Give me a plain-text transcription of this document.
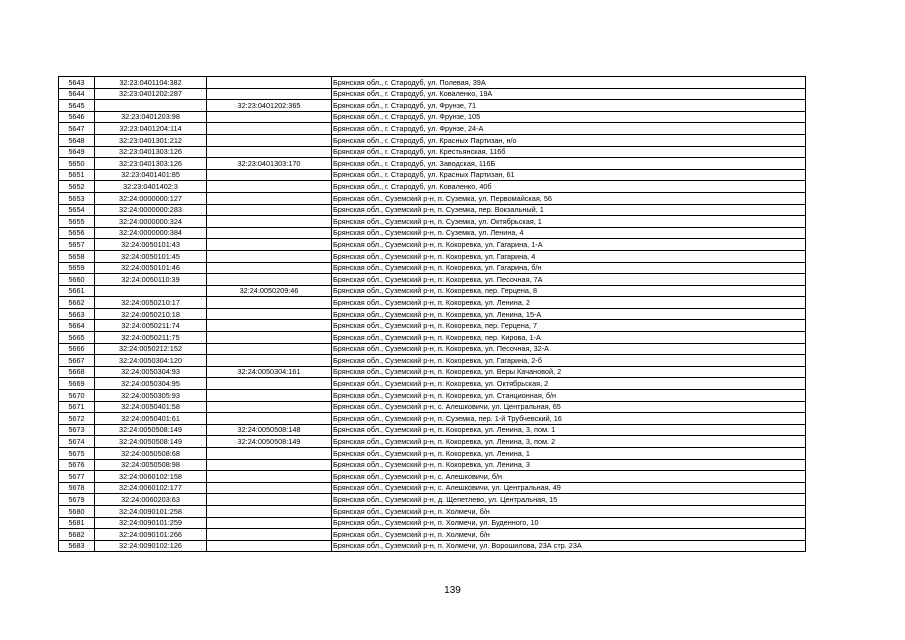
5643	32:23:0401104:382		Брянская обл., г. Стародуб, ул. Полевая, 39А
5644	32:23:0401202:287		Брянская обл., г. Стародуб, ул. Коваленко, 19А
5645		32:23:0401202:365	Брянская обл., г. Стародуб, ул. Фрунзе, 71
5646	32:23:0401203:98		Брянская обл., г. Стародуб, ул. Фрунзе, 105
5647	32:23:0401204:114		Брянская обл., г. Стародуб, ул. Фрунзе, 24-А
5648	32:23:0401301:212		Брянская обл., г. Стародуб, ул. Красных Партизан, н/о
5649	32:23:0401303:126		Брянская обл., г. Стародуб, ул. Крестьянская, 116б
5650	32:23:0401303:126	32:23:0401303:170	Брянская обл., г. Стародуб, ул. Заводская, 116Б
5651	32:23:0401401:85		Брянская обл., г. Стародуб, ул. Красных Партизан, 61
5652	32:23:0401402:3		Брянская обл., г. Стародуб, ул. Коваленко, 40б
5653	32:24:0000000:127		Брянская обл., Суземский р-н, п. Суземка, ул. Первомайская, 56
5654	32:24:0000000:283		Брянская обл., Суземский р-н, п. Суземка, пер. Вокзальный, 1
5655	32:24:0000000:324		Брянская обл., Суземский р-н, п. Суземка, ул. Октябрьская, 1
5656	32:24:0000000:384		Брянская обл., Суземский р-н, п. Суземка, ул. Ленина, 4
5657	32:24:0050101:43		Брянская обл., Суземский р-н, п. Кокоревка, ул. Гагарина, 1-А
5658	32:24:0050101:45		Брянская обл., Суземский р-н, п. Кокоревка, ул. Гагарина, 4
5659	32:24:0050101:46		Брянская обл., Суземский р-н, п. Кокоревка, ул. Гагарина, б/н
5660	32:24:0050110:39		Брянская обл., Суземский р-н, п. Кокоревка, ул. Песочная, 7А
5661		32:24:0050209:46	Брянская обл., Суземский р-н, п. Кокоревка, пер. Герцена, 8
5662	32:24:0050210:17		Брянская обл., Суземский р-н, п. Кокоревка, ул. Ленина, 2
5663	32:24:0050210:18		Брянская обл., Суземский р-н, п. Кокоревка, ул. Ленина, 15-А
5664	32:24:0050211:74		Брянская обл., Суземский р-н, п. Кокоревка, пер. Герцена, 7
5665	32:24:0050211:75		Брянская обл., Суземский р-н, п. Кокоревка, пер. Кирова, 1-А
5666	32:24:0050212:152		Брянская обл., Суземский р-н, п. Кокоревка, ул. Песочная, 32-А
5667	32:24:0050304:120		Брянская обл., Суземский р-н, п. Кокоревка, ул. Гагарина, 2-б
5668	32:24:0050304:93	32:24:0050304:161	Брянская обл., Суземский р-н, п. Кокоревка, ул. Веры Качановой, 2
5669	32:24:0050304:95		Брянская обл., Суземский р-н, п. Кокоревка, ул. Октябрьская, 2
5670	32:24:0050305:93		Брянская обл., Суземский р-н, п. Кокоревка, ул. Станционная, б/н
5671	32:24:0050401:58		Брянская обл., Суземский р-н, с. Алешковичи, ул. Центральная, 65
5672	32:24:0050401:61		Брянская обл., Суземский р-н, п. Суземка, пер. 1-й Трубчевский, 16
5673	32:24:0050508:149	32:24:0050508:148	Брянская обл., Суземский р-н, п. Кокоревка, ул. Ленина, 3, пом. 1
5674	32:24:0050508:149	32:24:0050508:149	Брянская обл., Суземский р-н, п. Кокоревка, ул. Ленина, 3, пом. 2
5675	32:24:0050508:68		Брянская обл., Суземский р-н, п. Кокоревка, ул. Ленина, 1
5676	32:24:0050508:98		Брянская обл., Суземский р-н, п. Кокоревка, ул. Ленина, 3
5677	32:24:0060102:158		Брянская обл., Суземский р-н, с. Алешковичи, б/н
5678	32:24:0060102:177		Брянская обл., Суземский р-н, с. Алешковичи, ул. Центральная, 49
5679	32:24:0060203:63		Брянская обл., Суземский р-н, д. Щепетлево, ул. Центральная, 15
5680	32:24:0090101:258		Брянская обл., Суземский р-н, п. Холмечи, б/н
5681	32:24:0090101:259		Брянская обл., Суземский р-н, п. Холмечи, ул. Буденного, 10
5682	32:24:0090101:266		Брянская обл., Суземский р-н, п. Холмечи, б/н
5683	32:24:0090102:126		Брянская обл., Суземский р-н, п. Холмечи, ул. Ворошилова, 23А стр. 23А
139
